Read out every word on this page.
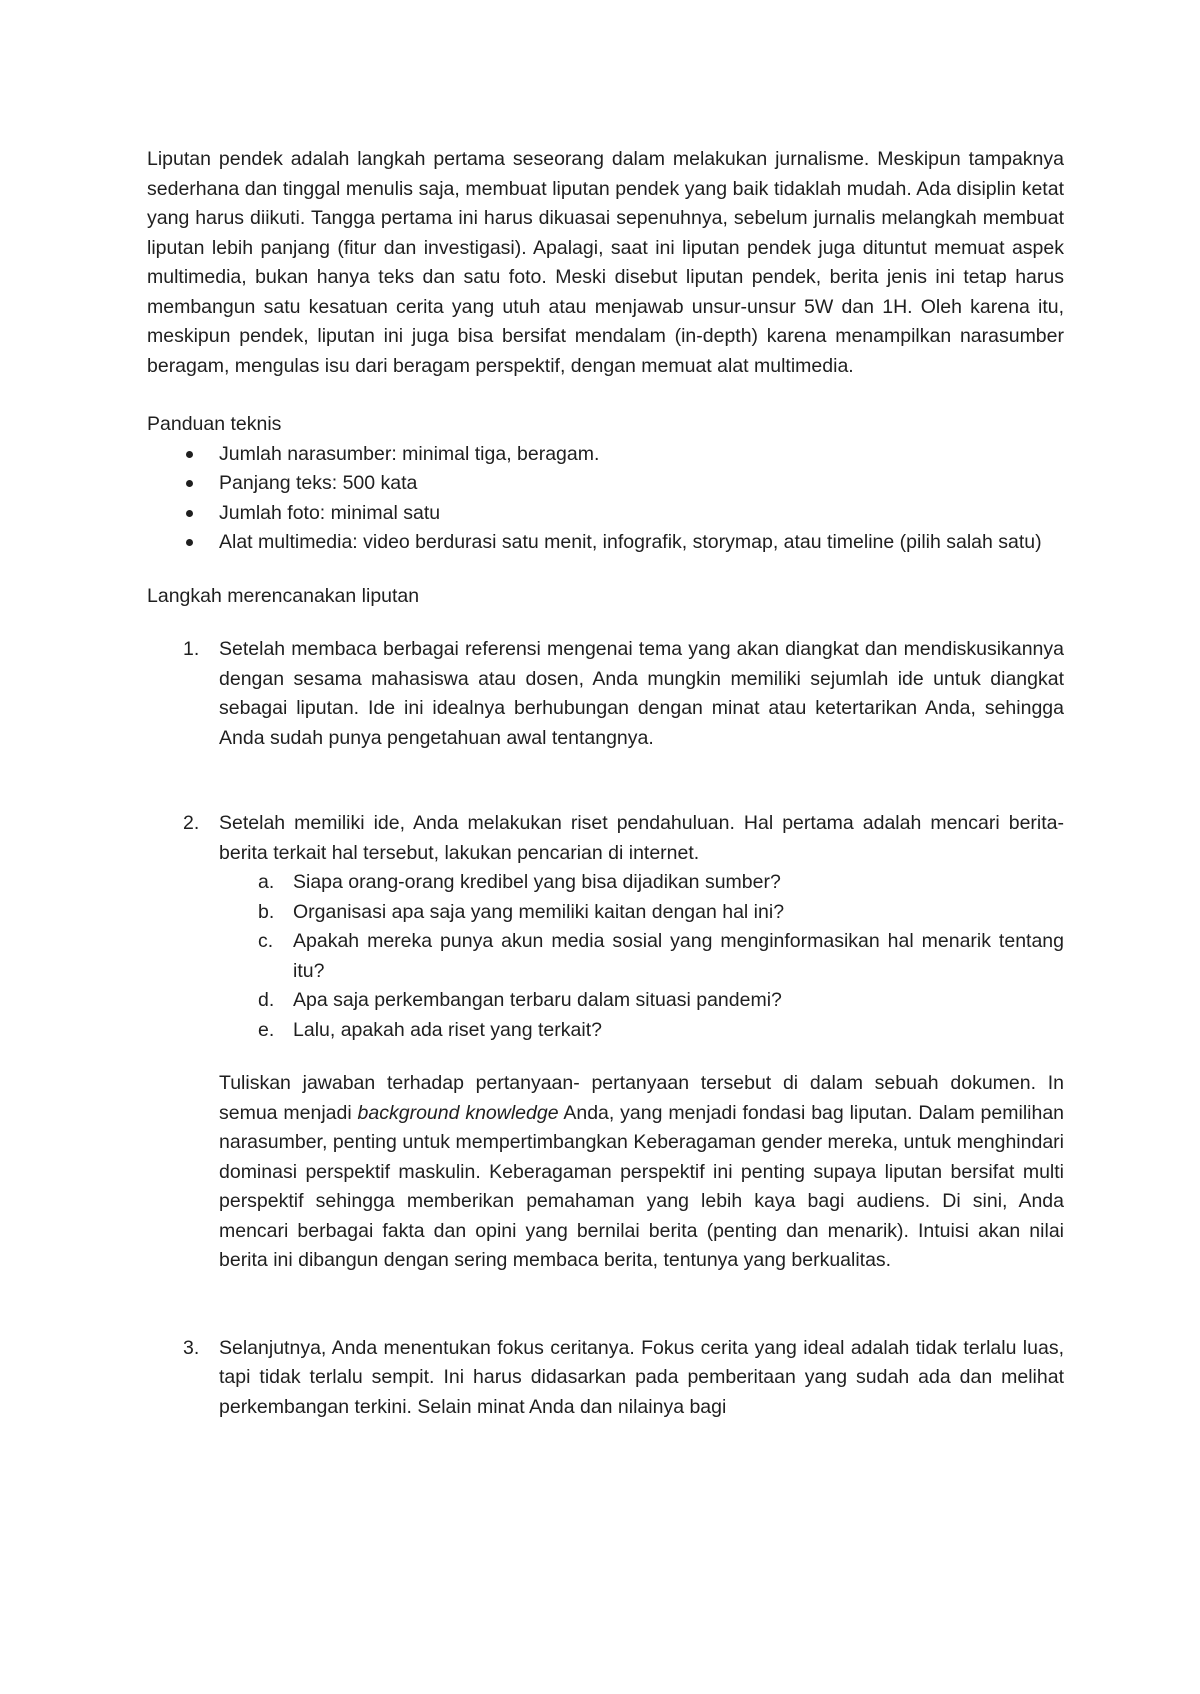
Liputan pendek adalah langkah pertama seseorang dalam melakukan jurnalisme. Meskipun tampaknya sederhana dan tinggal menulis saja, membuat liputan pendek yang baik tidaklah mudah. Ada disiplin ketat yang harus diikuti. Tangga pertama ini harus dikuasai sepenuhnya, sebelum jurnalis melangkah membuat liputan lebih panjang (fitur dan investigasi). Apalagi, saat ini liputan pendek juga dituntut memuat aspek multimedia, bukan hanya teks dan satu foto. Meski disebut liputan pendek, berita jenis ini tetap harus membangun satu kesatuan cerita yang utuh atau menjawab unsur-unsur 5W dan 1H. Oleh karena itu, meskipun pendek, liputan ini juga bisa bersifat mendalam (in-depth) karena menampilkan narasumber beragam, mengulas isu dari beragam perspektif, dengan memuat alat multimedia.

Panduan teknis

Jumlah narasumber: minimal tiga, beragam.
Panjang teks: 500 kata
Jumlah foto: minimal satu
Alat multimedia: video berdurasi satu menit, infografik, storymap, atau timeline (pilih salah satu)

Langkah merencanakan liputan

1. Setelah membaca berbagai referensi mengenai tema yang akan diangkat dan mendiskusikannya dengan sesama mahasiswa atau dosen, Anda mungkin memiliki sejumlah ide untuk diangkat sebagai liputan. Ide ini idealnya berhubungan dengan minat atau ketertarikan Anda, sehingga Anda sudah punya pengetahuan awal tentangnya.

2. Setelah memiliki ide, Anda melakukan riset pendahuluan. Hal pertama adalah mencari berita-berita terkait hal tersebut, lakukan pencarian di internet.

a. Siapa orang-orang kredibel yang bisa dijadikan sumber?
b. Organisasi apa saja yang memiliki kaitan dengan hal ini?
c. Apakah mereka punya akun media sosial yang menginformasikan hal menarik tentang itu?
d. Apa saja perkembangan terbaru dalam situasi pandemi?
e. Lalu, apakah ada riset yang terkait?

Tuliskan jawaban terhadap pertanyaan- pertanyaan tersebut di dalam sebuah dokumen. In semua menjadi background knowledge Anda, yang menjadi fondasi bag liputan. Dalam pemilihan narasumber, penting untuk mempertimbangkan Keberagaman gender mereka, untuk menghindari dominasi perspektif maskulin. Keberagaman perspektif ini penting supaya liputan bersifat multi perspektif sehingga memberikan pemahaman yang lebih kaya bagi audiens. Di sini, Anda mencari berbagai fakta dan opini yang bernilai berita (penting dan menarik). Intuisi akan nilai berita ini dibangun dengan sering membaca berita, tentunya yang berkualitas.

3. Selanjutnya, Anda menentukan fokus ceritanya. Fokus cerita yang ideal adalah tidak terlalu luas, tapi tidak terlalu sempit. Ini harus didasarkan pada pemberitaan yang sudah ada dan melihat perkembangan terkini. Selain minat Anda dan nilainya bagi
